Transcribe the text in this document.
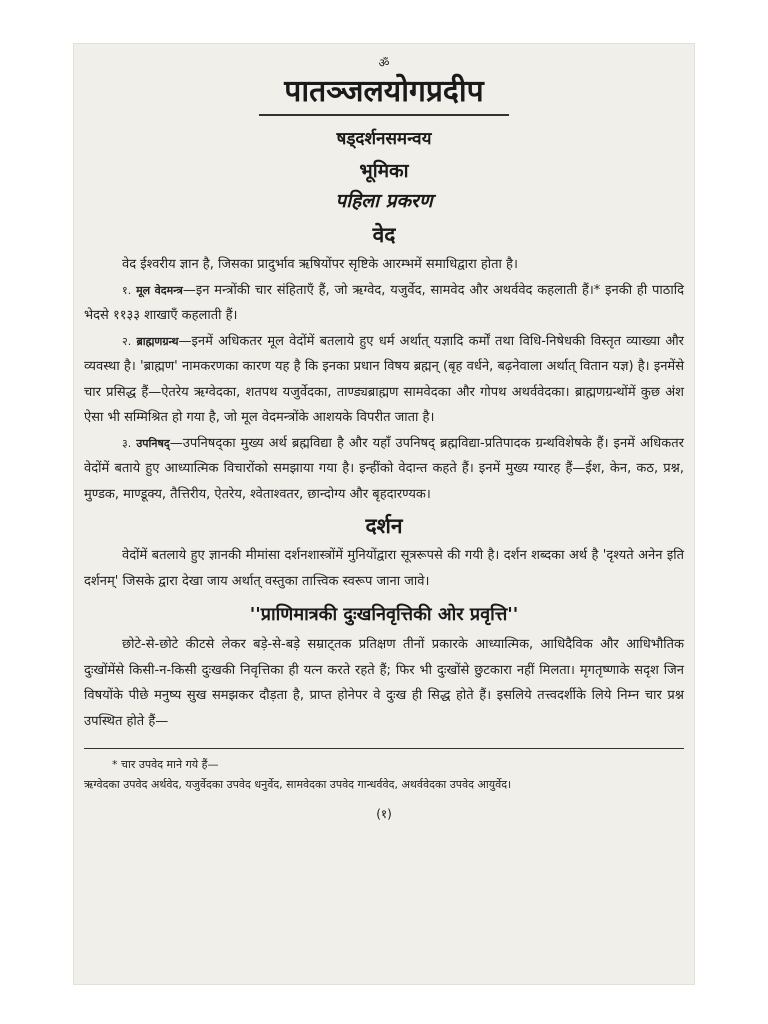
ॐ

पातञ्जलयोगप्रदीप
षड्दर्शनसमन्वय
भूमिका
पहिला प्रकरण
वेद

वेद ईश्वरीय ज्ञान है, जिसका प्रादुर्भाव ऋषियोंपर सृष्टिके आरम्भमें समाधिद्वारा होता है।

१. मूल वेदमन्त्र—इन मन्त्रोंकी चार संहिताएँ हैं, जो ऋग्वेद, यजुर्वेद, सामवेद और अथर्ववेद कहलाती हैं।* इनकी ही पाठादि भेदसे ११३३ शाखाएँ कहलाती हैं।

२. ब्राह्मणग्रन्थ—इनमें अधिकतर मूल वेदोंमें बतलाये हुए धर्म अर्थात् यज्ञादि कर्मों तथा विधि-निषेधकी विस्तृत व्याख्या और व्यवस्था है। 'ब्राह्मण' नामकरणका कारण यह है कि इनका प्रधान विषय ब्रह्मन् (बृह वर्धने, बढ़नेवाला अर्थात् वितान यज्ञ) है। इनमेंसे चार प्रसिद्ध हैं—ऐतरेय ऋग्वेदका, शतपथ यजुर्वेदका, ताण्ड्यब्राह्मण सामवेदका और गोपथ अथर्ववेदका। ब्राह्मणग्रन्थोंमें कुछ अंश ऐसा भी सम्मिश्रित हो गया है, जो मूल वेदमन्त्रोंके आशयके विपरीत जाता है।

३. उपनिषद्—उपनिषद्का मुख्य अर्थ ब्रह्मविद्या है और यहाँ उपनिषद् ब्रह्मविद्या-प्रतिपादक ग्रन्थविशेषके हैं। इनमें अधिकतर वेदोंमें बताये हुए आध्यात्मिक विचारोंको समझाया गया है। इन्हींको वेदान्त कहते हैं। इनमें मुख्य ग्यारह हैं—ईश, केन, कठ, प्रश्न, मुण्डक, माण्डूक्य, तैत्तिरीय, ऐतरेय, श्वेताश्वतर, छान्दोग्य और बृहदारण्यक।

दर्शन

वेदोंमें बतलाये हुए ज्ञानकी मीमांसा दर्शनशास्त्रोंमें मुनियोंद्वारा सूत्ररूपसे की गयी है। दर्शन शब्दका अर्थ है 'दृश्यते अनेन इति दर्शनम्' जिसके द्वारा देखा जाय अर्थात् वस्तुका तात्त्विक स्वरूप जाना जावे।

''प्राणिमात्रकी दुःखनिवृत्तिकी ओर प्रवृत्ति''

छोटे-से-छोटे कीटसे लेकर बड़े-से-बड़े सम्राट्तक प्रतिक्षण तीनों प्रकारके आध्यात्मिक, आधिदैविक और आधिभौतिक दुःखोंमेंसे किसी-न-किसी दुःखकी निवृत्तिका ही यत्न करते रहते हैं; फिर भी दुःखोंसे छुटकारा नहीं मिलता। मृगतृष्णाके सदृश जिन विषयोंके पीछे मनुष्य सुख समझकर दौड़ता है, प्राप्त होनेपर वे दुःख ही सिद्ध होते हैं। इसलिये तत्त्वदर्शीके लिये निम्न चार प्रश्न उपस्थित होते हैं—

* चार उपवेद माने गये हैं—

ऋग्वेदका उपवेद अर्थवेद, यजुर्वेदका उपवेद धनुर्वेद, सामवेदका उपवेद गान्धर्ववेद, अथर्ववेदका उपवेद आयुर्वेद।

(१)
